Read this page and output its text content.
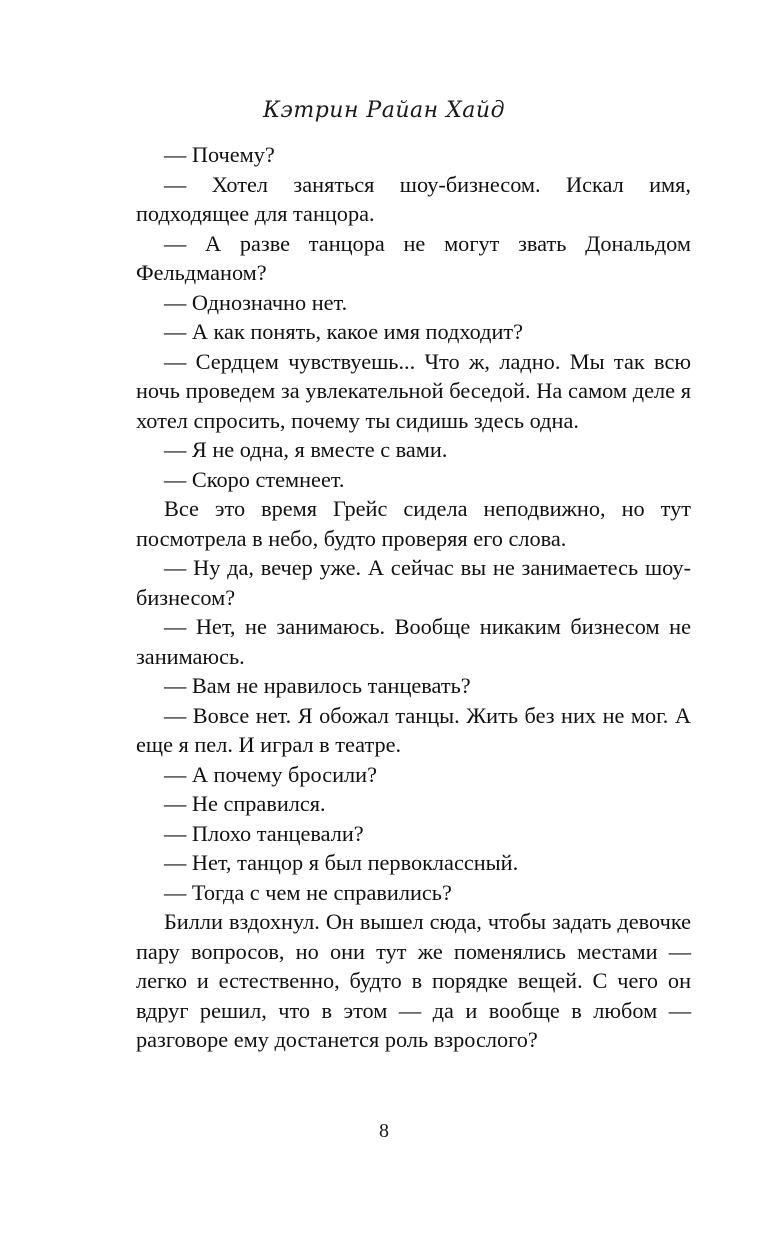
Кэтрин Райан Хайд

— Почему?

— Хотел заняться шоу-бизнесом. Искал имя, подходящее для танцора.

— А разве танцора не могут звать Дональдом Фельдманом?

— Однозначно нет.

— А как понять, какое имя подходит?

— Сердцем чувствуешь... Что ж, ладно. Мы так всю ночь проведем за увлекательной беседой. На самом деле я хотел спросить, почему ты сидишь здесь одна.

— Я не одна, я вместе с вами.

— Скоро стемнеет.

Все это время Грейс сидела неподвижно, но тут посмотрела в небо, будто проверяя его слова.

— Ну да, вечер уже. А сейчас вы не занимаетесь шоу-бизнесом?

— Нет, не занимаюсь. Вообще никаким бизнесом не занимаюсь.

— Вам не нравилось танцевать?

— Вовсе нет. Я обожал танцы. Жить без них не мог. А еще я пел. И играл в театре.

— А почему бросили?

— Не справился.

— Плохо танцевали?

— Нет, танцор я был первоклассный.

— Тогда с чем не справились?

Билли вздохнул. Он вышел сюда, чтобы задать девочке пару вопросов, но они тут же поменялись местами — легко и естественно, будто в порядке вещей. С чего он вдруг решил, что в этом — да и вообще в любом — разговоре ему достанется роль взрослого?

8
